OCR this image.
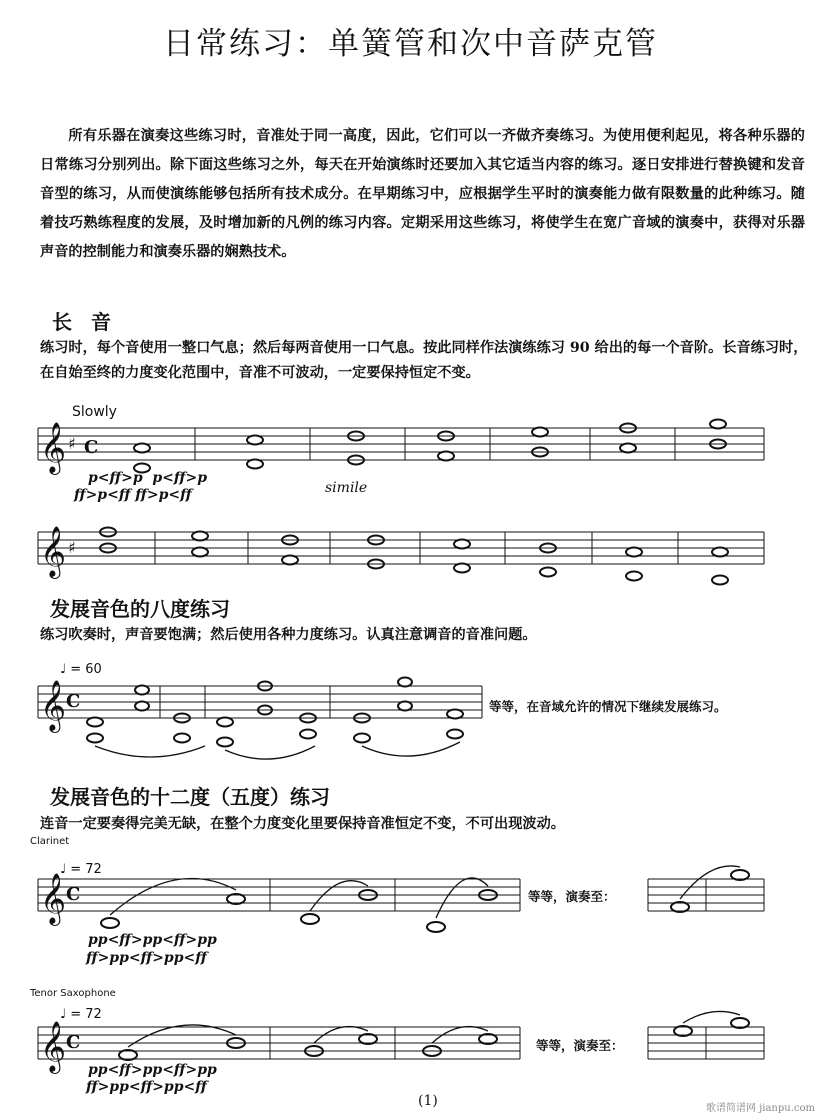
日常练习：单簧管和次中音萨克管
所有乐器在演奏这些练习时，音准处于同一高度，因此，它们可以一齐做齐奏练习。为使用便利起见，将各种乐器的日常练习分别列出。除下面这些练习之外，每天在开始演练时还要加入其它适当内容的练习。逐日安排进行替换键和发音音型的练习，从而使演练能够包括所有技术成分。在早期练习中，应根据学生平时的演奏能力做有限数量的此种练习。随着技巧熟练程度的发展，及时增加新的凡例的练习内容。定期采用这些练习，将使学生在宽广音域的演奏中，获得对乐器声音的控制能力和演奏乐器的娴熟技术。
长 音
练习时，每个音使用一整口气息；然后每两音使用一口气息。按此同样作法演练练习 90 给出的每一个音阶。长音练习时，在自始至终的力度变化范围中，音准不可波动，一定要保持恒定不变。
Slowly
p<ff>p  p<ff>p
ff>p<ff ff>p<ff	simile
发展音色的八度练习
练习吹奏时，声音要饱满；然后使用各种力度练习。认真注意调音的音准问题。
♩ = 60
等等，在音域允许的情况下继续发展练习。
发展音色的十二度（五度）练习
连音一定要奏得完美无缺，在整个力度变化里要保持音准恒定不变，不可出现波动。
Clarinet
♩ = 72
等等，演奏至：
pp<ff>pp<ff>pp
ff>pp<ff>pp<ff
Tenor Saxophone
♩ = 72
等等，演奏至：
pp<ff>pp<ff>pp
ff>pp<ff>pp<ff
(1)	歌谱简谱网 jianpu.com
𝄞 ♯ C
𝄞 ♯
𝄞 C
𝄞 C
𝄞 C
